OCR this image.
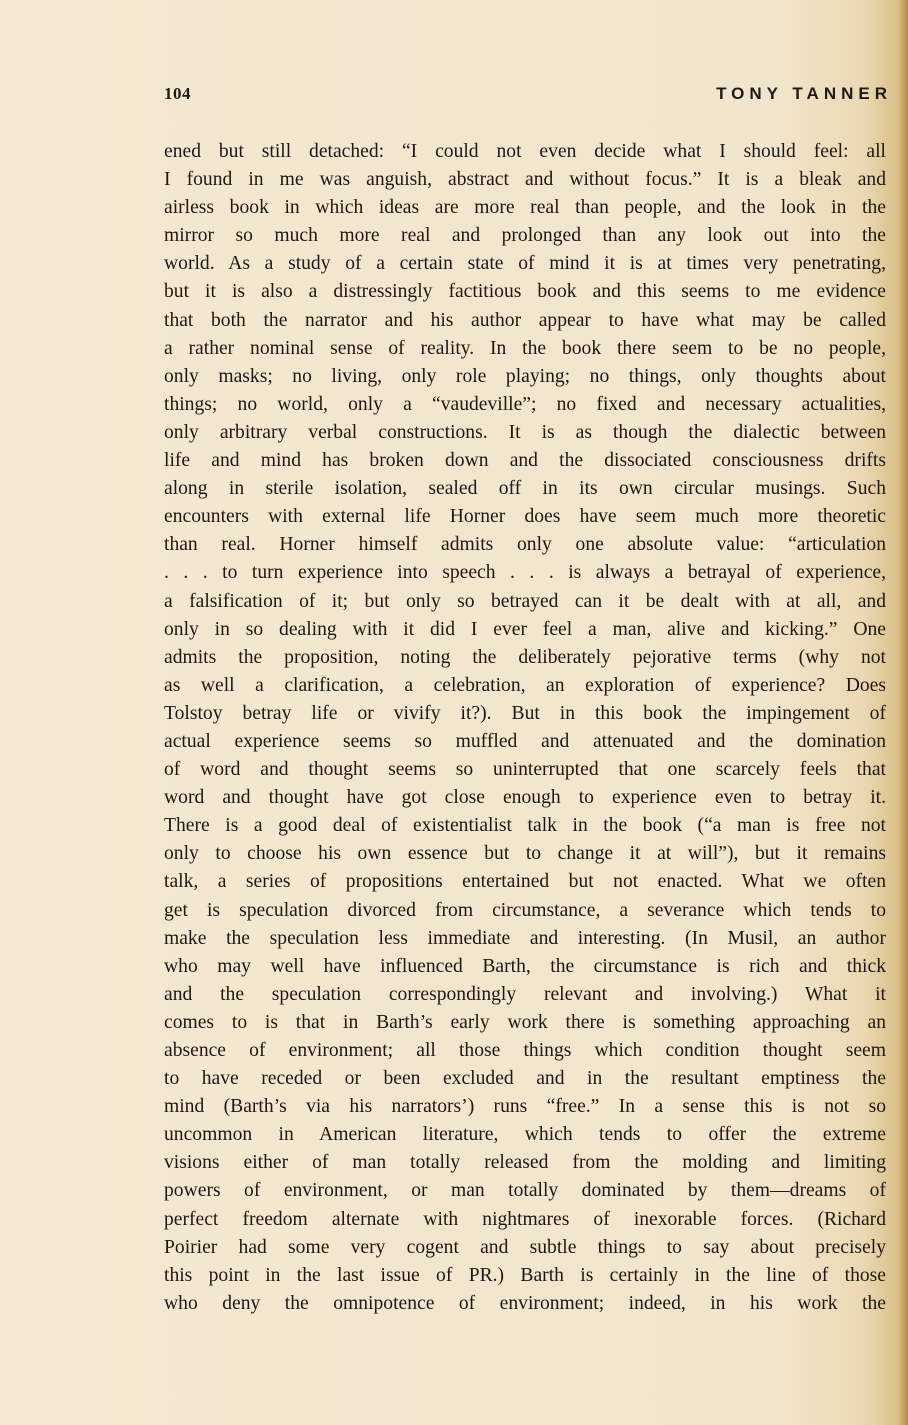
104	TONY TANNER
ened but still detached: “I could not even decide what I should feel: all
I found in me was anguish, abstract and without focus.” It is a bleak and
airless book in which ideas are more real than people, and the look in the
mirror so much more real and prolonged than any look out into the
world. As a study of a certain state of mind it is at times very penetrating,
but it is also a distressingly factitious book and this seems to me evidence
that both the narrator and his author appear to have what may be called
a rather nominal sense of reality. In the book there seem to be no people,
only masks; no living, only role playing; no things, only thoughts about
things; no world, only a “vaudeville”; no fixed and necessary actualities,
only arbitrary verbal constructions. It is as though the dialectic between
life and mind has broken down and the dissociated consciousness drifts
along in sterile isolation, sealed off in its own circular musings. Such
encounters with external life Horner does have seem much more theoretic
than real. Horner himself admits only one absolute value: “articulation
. . . to turn experience into speech . . . is always a betrayal of experience,
a falsification of it; but only so betrayed can it be dealt with at all, and
only in so dealing with it did I ever feel a man, alive and kicking.” One
admits the proposition, noting the deliberately pejorative terms (why not
as well a clarification, a celebration, an exploration of experience? Does
Tolstoy betray life or vivify it?). But in this book the impingement of
actual experience seems so muffled and attenuated and the domination
of word and thought seems so uninterrupted that one scarcely feels that
word and thought have got close enough to experience even to betray it.
There is a good deal of existentialist talk in the book (“a man is free not
only to choose his own essence but to change it at will”), but it remains
talk, a series of propositions entertained but not enacted. What we often
get is speculation divorced from circumstance, a severance which tends to
make the speculation less immediate and interesting. (In Musil, an author
who may well have influenced Barth, the circumstance is rich and thick
and the speculation correspondingly relevant and involving.) What it
comes to is that in Barth’s early work there is something approaching an
absence of environment; all those things which condition thought seem
to have receded or been excluded and in the resultant emptiness the
mind (Barth’s via his narrators’) runs “free.” In a sense this is not so
uncommon in American literature, which tends to offer the extreme
visions either of man totally released from the molding and limiting
powers of environment, or man totally dominated by them—dreams of
perfect freedom alternate with nightmares of inexorable forces. (Richard
Poirier had some very cogent and subtle things to say about precisely
this point in the last issue of PR.) Barth is certainly in the line of those
who deny the omnipotence of environment; indeed, in his work the
